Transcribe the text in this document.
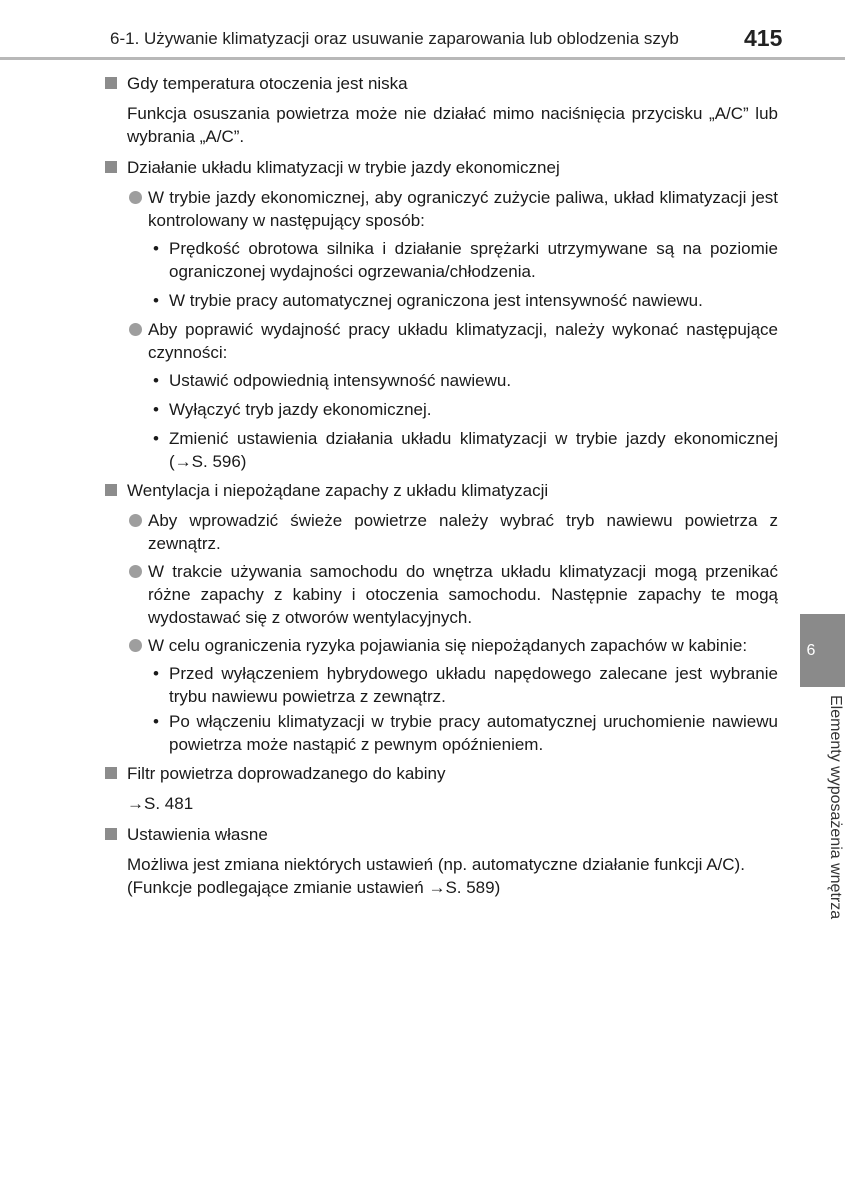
6-1. Używanie klimatyzacji oraz usuwanie zaparowania lub oblodzenia szyb	415
Gdy temperatura otoczenia jest niska
Funkcja osuszania powietrza może nie działać mimo naciśnięcia przycisku „A/C” lub wybrania „A/C”.
Działanie układu klimatyzacji w trybie jazdy ekonomicznej
W trybie jazdy ekonomicznej, aby ograniczyć zużycie paliwa, układ klimatyzacji jest kontrolowany w następujący sposób:
• Prędkość obrotowa silnika i działanie sprężarki utrzymywane są na poziomie ograniczonej wydajności ogrzewania/chłodzenia.
• W trybie pracy automatycznej ograniczona jest intensywność nawiewu.
Aby poprawić wydajność pracy układu klimatyzacji, należy wykonać następujące czynności:
• Ustawić odpowiednią intensywność nawiewu.
• Wyłączyć tryb jazdy ekonomicznej.
• Zmienić ustawienia działania układu klimatyzacji w trybie jazdy ekonomicznej (→S. 596)
Wentylacja i niepożądane zapachy z układu klimatyzacji
Aby wprowadzić świeże powietrze należy wybrać tryb nawiewu powietrza z zewnątrz.
W trakcie używania samochodu do wnętrza układu klimatyzacji mogą przenikać różne zapachy z kabiny i otoczenia samochodu. Następnie zapachy te mogą wydostawać się z otworów wentylacyjnych.
W celu ograniczenia ryzyka pojawiania się niepożądanych zapachów w kabinie:
• Przed wyłączeniem hybrydowego układu napędowego zalecane jest wybranie trybu nawiewu powietrza z zewnątrz.
• Po włączeniu klimatyzacji w trybie pracy automatycznej uruchomienie nawiewu powietrza może nastąpić z pewnym opóźnieniem.
Filtr powietrza doprowadzanego do kabiny
→S. 481
Ustawienia własne
Możliwa jest zmiana niektórych ustawień (np. automatyczne działanie funkcji A/C).
(Funkcje podlegające zmianie ustawień →S. 589)
6
Elementy wyposażenia wnętrza
